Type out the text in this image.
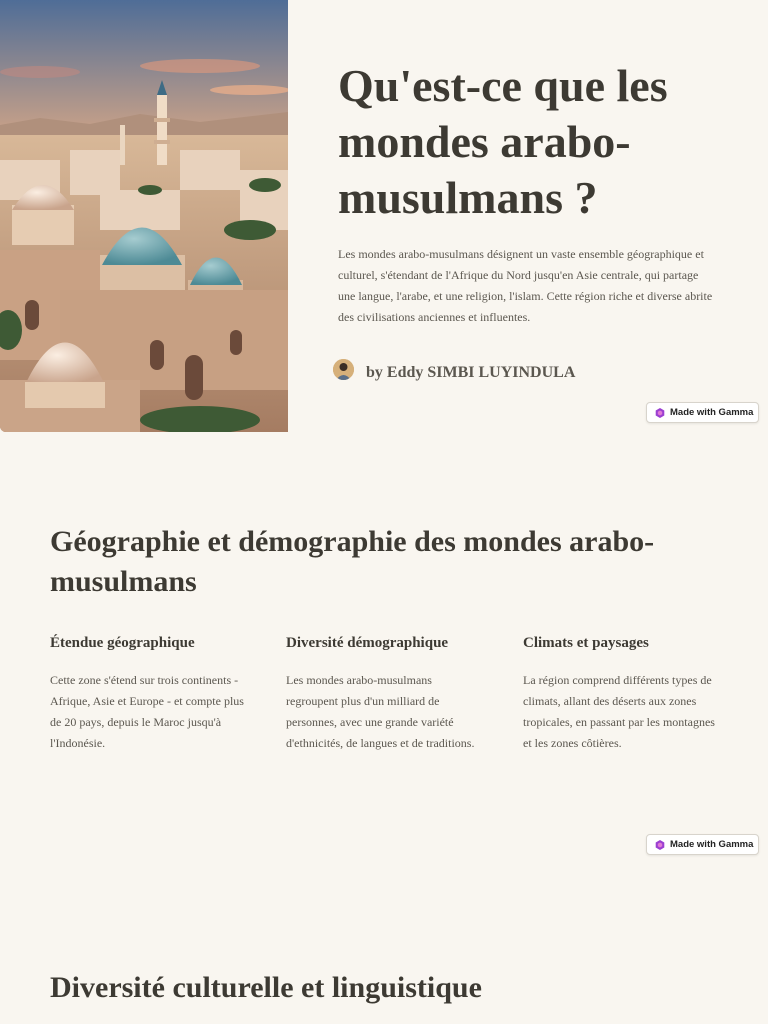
Qu'est-ce que les mondes arabo-musulmans ?

Les mondes arabo-musulmans désignent un vaste ensemble géographique et culturel, s'étendant de l'Afrique du Nord jusqu'en Asie centrale, qui partage une langue, l'arabe, et une religion, l'islam. Cette région riche et diverse abrite des civilisations anciennes et influentes.

by Eddy SIMBI LUYINDULA
Made with Gamma
Géographie et démographie des mondes arabo-musulmans
Étendue géographique

Cette zone s'étend sur trois continents - Afrique, Asie et Europe - et compte plus de 20 pays, depuis le Maroc jusqu'à l'Indonésie.

Diversité démographique

Les mondes arabo-musulmans regroupent plus d'un milliard de personnes, avec une grande variété d'ethnicités, de langues et de traditions.

Climats et paysages

La région comprend différents types de climats, allant des déserts aux zones tropicales, en passant par les montagnes et les zones côtières.

Made with Gamma
Diversité culturelle et linguistique
